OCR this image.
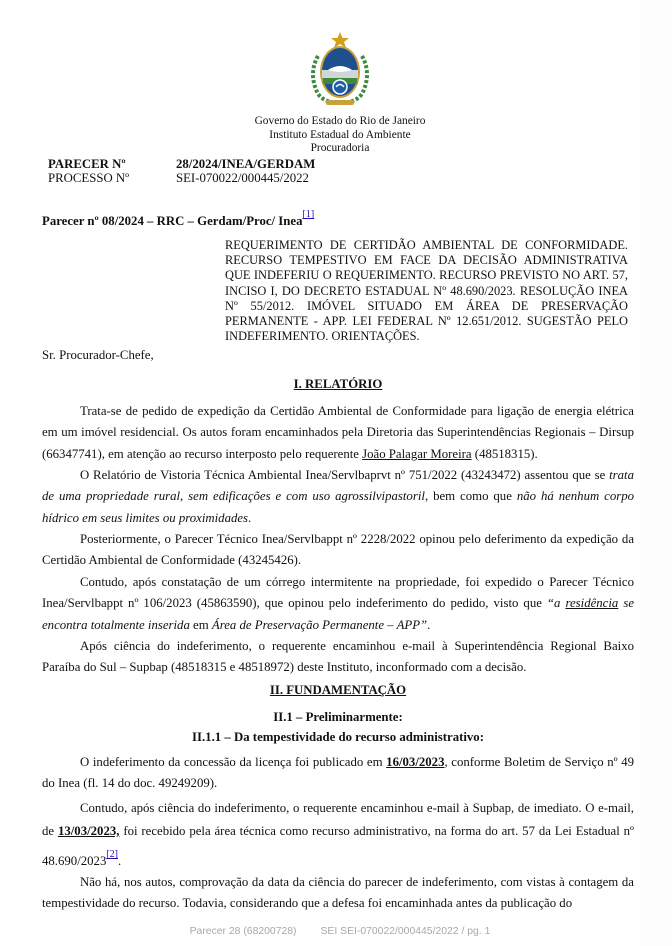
Governo do Estado do Rio de Janeiro
Instituto Estadual do Ambiente
Procuradoria
PARECER Nº	28/2024/INEA/GERDAM
PROCESSO Nº	SEI-070022/000445/2022
Parecer nº 08/2024 – RRC – Gerdam/Proc/ Inea[1]
REQUERIMENTO DE CERTIDÃO AMBIENTAL DE CONFORMIDADE. RECURSO TEMPESTIVO EM FACE DA DECISÃO ADMINISTRATIVA QUE INDEFERIU O REQUERIMENTO. RECURSO PREVISTO NO ART. 57, INCISO I, DO DECRETO ESTADUAL Nº 48.690/2023. RESOLUÇÃO INEA Nº 55/2012. IMÓVEL SITUADO EM ÁREA DE PRESERVAÇÃO PERMANENTE - APP. LEI FEDERAL Nº 12.651/2012. SUGESTÃO PELO INDEFERIMENTO. ORIENTAÇÕES.
Sr. Procurador-Chefe,
I. RELATÓRIO
Trata-se de pedido de expedição da Certidão Ambiental de Conformidade para ligação de energia elétrica em um imóvel residencial. Os autos foram encaminhados pela Diretoria das Superintendências Regionais – Dirsup (66347741), em atenção ao recurso interposto pelo requerente João Palagar Moreira (48518315).
O Relatório de Vistoria Técnica Ambiental Inea/Servlbaprvt nº 751/2022 (43243472) assentou que se trata de uma propriedade rural, sem edificações e com uso agrossilvipastoril, bem como que não há nenhum corpo hídrico em seus limites ou proximidades.
Posteriormente, o Parecer Técnico Inea/Servlbappt nº 2228/2022 opinou pelo deferimento da expedição da Certidão Ambiental de Conformidade (43245426).
Contudo, após constatação de um córrego intermitente na propriedade, foi expedido o Parecer Técnico Inea/Servlbappt nº 106/2023 (45863590), que opinou pelo indeferimento do pedido, visto que “a residência se encontra totalmente inserida em Área de Preservação Permanente – APP”.
Após ciência do indeferimento, o requerente encaminhou e-mail à Superintendência Regional Baixo Paraíba do Sul – Supbap (48518315 e 48518972) deste Instituto, inconformado com a decisão.
II. FUNDAMENTAÇÃO
II.1 – Preliminarmente:
II.1.1 – Da tempestividade do recurso administrativo:
O indeferimento da concessão da licença foi publicado em 16/03/2023, conforme Boletim de Serviço nº 49 do Inea (fl. 14 do doc. 49249209).
Contudo, após ciência do indeferimento, o requerente encaminhou e-mail à Supbap, de imediato. O e-mail, de 13/03/2023, foi recebido pela área técnica como recurso administrativo, na forma do art. 57 da Lei Estadual nº 48.690/2023[2].
Não há, nos autos, comprovação da data da ciência do parecer de indeferimento, com vistas à contagem da tempestividade do recurso. Todavia, considerando que a defesa foi encaminhada antes da publicação do
Parecer 28 (68200728) SEI SEI-070022/000445/2022 / pg. 1
